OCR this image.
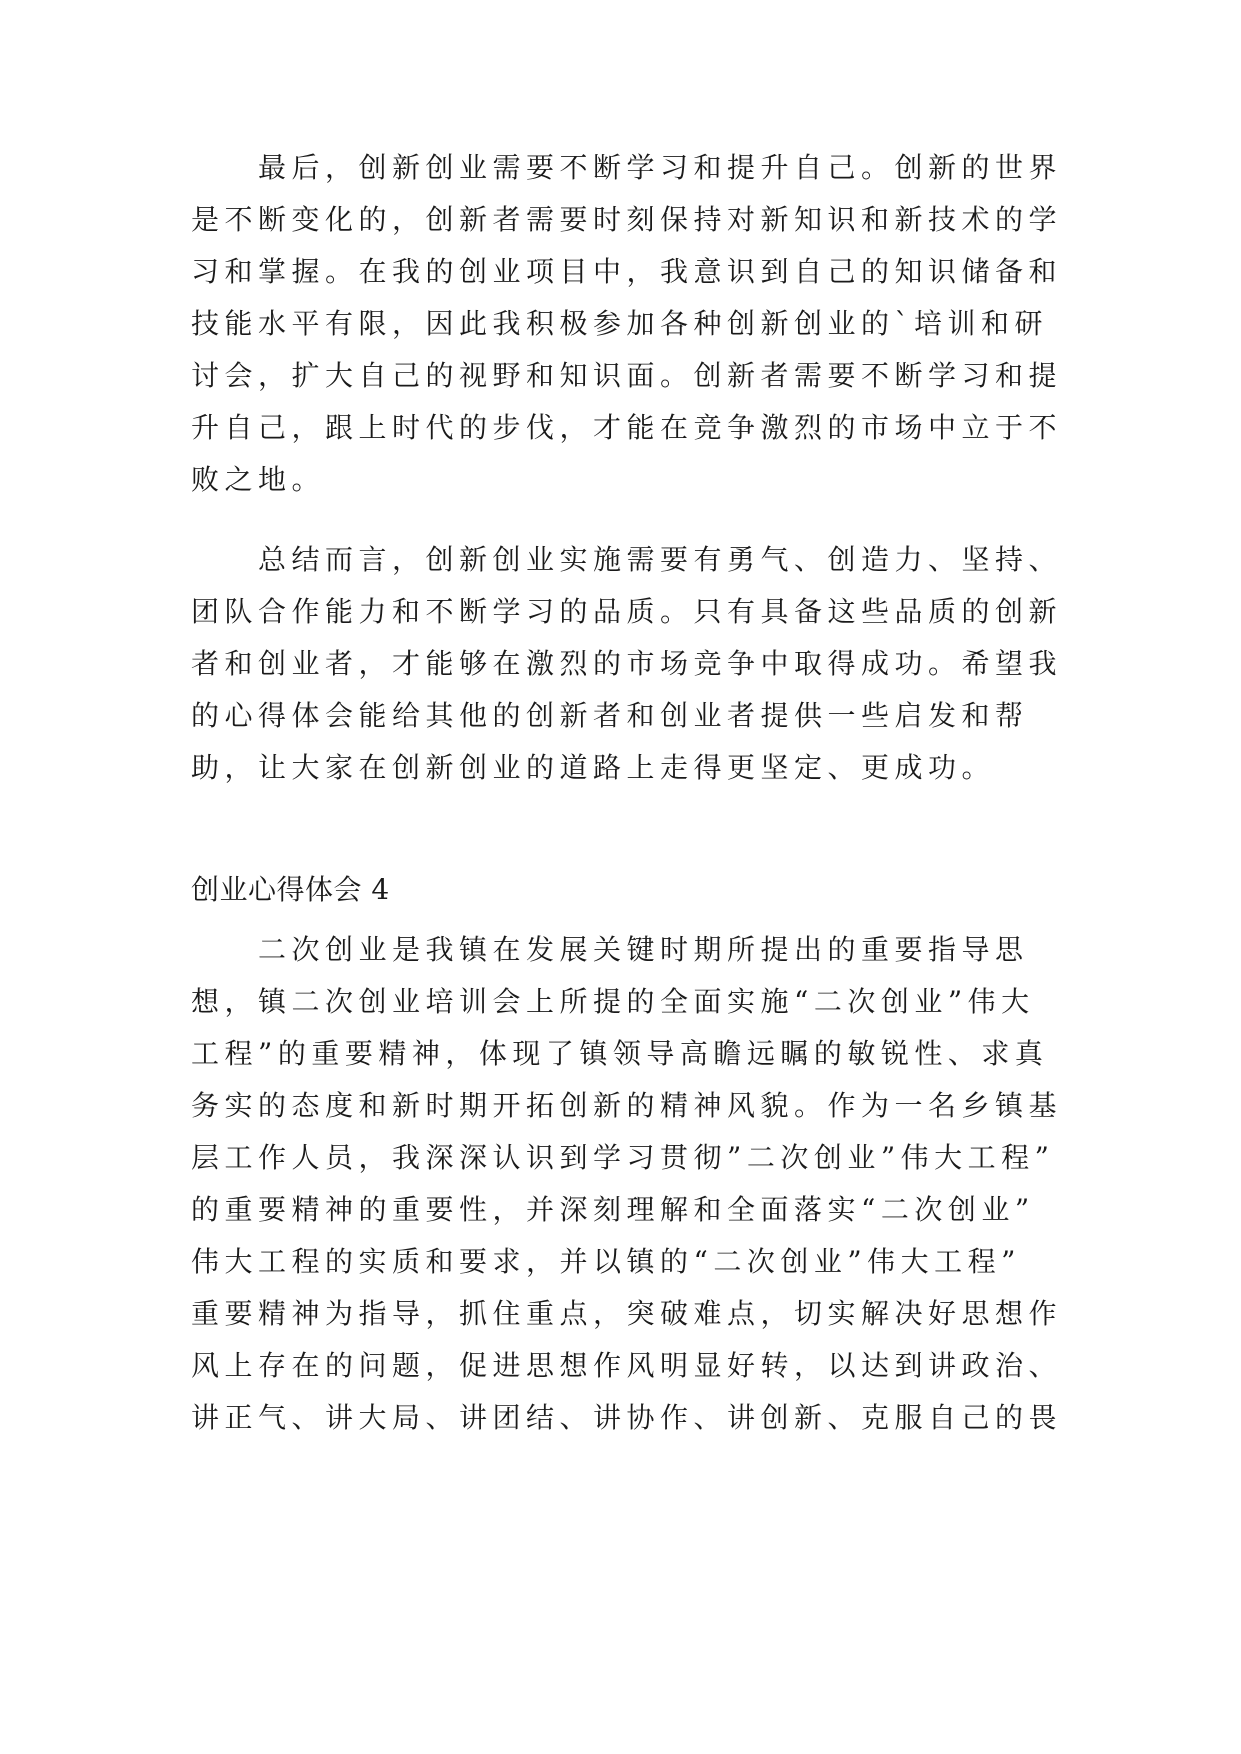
最后，创新创业需要不断学习和提升自己。创新的世界
是不断变化的，创新者需要时刻保持对新知识和新技术的学
习和掌握。在我的创业项目中，我意识到自己的知识储备和
技能水平有限，因此我积极参加各种创新创业的`培训和研
讨会，扩大自己的视野和知识面。创新者需要不断学习和提
升自己，跟上时代的步伐，才能在竞争激烈的市场中立于不
败之地。
总结而言，创新创业实施需要有勇气、创造力、坚持、
团队合作能力和不断学习的品质。只有具备这些品质的创新
者和创业者，才能够在激烈的市场竞争中取得成功。希望我
的心得体会能给其他的创新者和创业者提供一些启发和帮
助，让大家在创新创业的道路上走得更坚定、更成功。
创业心得体会 4
二次创业是我镇在发展关键时期所提出的重要指导思
想，镇二次创业培训会上所提的全面实施“二次创业”伟大
工程”的重要精神，体现了镇领导高瞻远瞩的敏锐性、求真
务实的态度和新时期开拓创新的精神风貌。作为一名乡镇基
层工作人员，我深深认识到学习贯彻”二次创业”伟大工程”
的重要精神的重要性，并深刻理解和全面落实“二次创业”
伟大工程的实质和要求，并以镇的“二次创业”伟大工程”
重要精神为指导，抓住重点，突破难点，切实解决好思想作
风上存在的问题，促进思想作风明显好转，以达到讲政治、
讲正气、讲大局、讲团结、讲协作、讲创新、克服自己的畏
